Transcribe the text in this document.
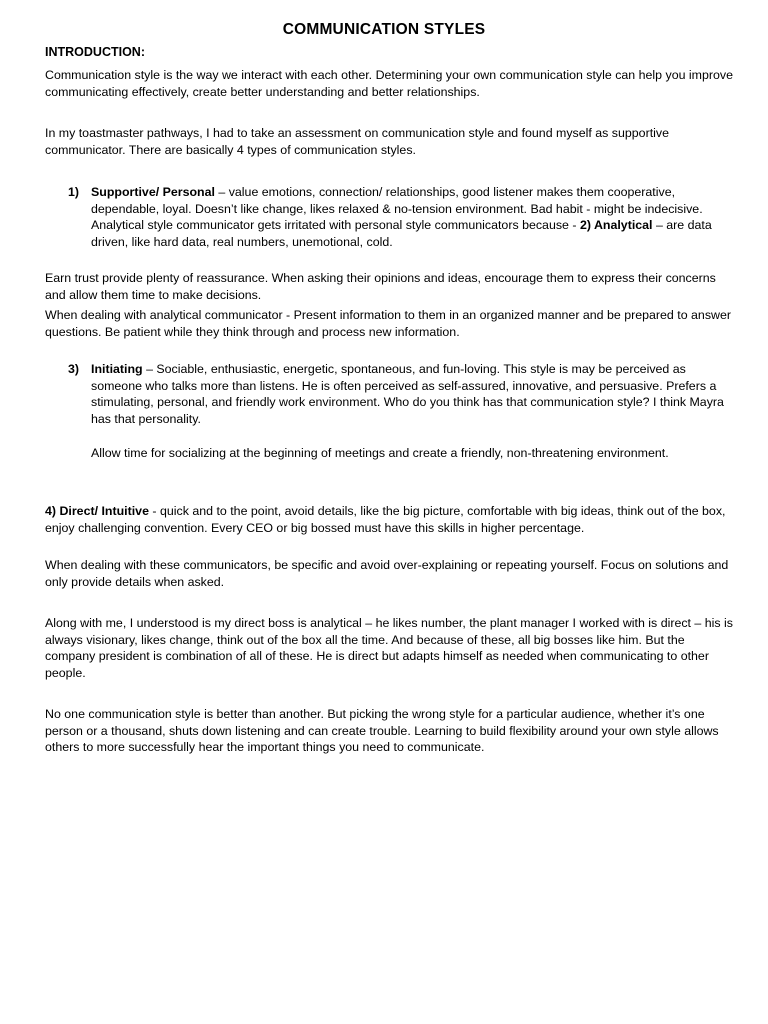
COMMUNICATION STYLES
INTRODUCTION:
Communication style is the way we interact with each other. Determining your own communication style can help you improve communicating effectively, create better understanding and better relationships.
In my toastmaster pathways, I had to take an assessment on communication style and found myself as supportive communicator. There are basically 4 types of communication styles.
1) Supportive/ Personal – value emotions, connection/ relationships, good listener makes them cooperative, dependable, loyal. Doesn’t like change, likes relaxed & no-tension environment. Bad habit - might be indecisive. Analytical style communicator gets irritated with personal style communicators because - 2) Analytical – are data driven, like hard data, real numbers, unemotional, cold.
Earn trust provide plenty of reassurance. When asking their opinions and ideas, encourage them to express their concerns and allow them time to make decisions.
When dealing with analytical communicator - Present information to them in an organized manner and be prepared to answer questions. Be patient while they think through and process new information.
3) Initiating – Sociable, enthusiastic, energetic, spontaneous, and fun-loving. This style is may be perceived as someone who talks more than listens. He is often perceived as self-assured, innovative, and persuasive. Prefers a stimulating, personal, and friendly work environment. Who do you think has that communication style? I think Mayra has that personality.
Allow time for socializing at the beginning of meetings and create a friendly, non-threatening environment.
4) Direct/ Intuitive - quick and to the point, avoid details, like the big picture, comfortable with big ideas, think out of the box, enjoy challenging convention. Every CEO or big bossed must have this skills in higher percentage.
When dealing with these communicators, be specific and avoid over-explaining or repeating yourself. Focus on solutions and only provide details when asked.
Along with me, I understood is my direct boss is analytical – he likes number, the plant manager I worked with is direct – his is always visionary, likes change, think out of the box all the time. And because of these, all big bosses like him. But the company president is combination of all of these. He is direct but adapts himself as needed when communicating to other people.
No one communication style is better than another. But picking the wrong style for a particular audience, whether it’s one person or a thousand, shuts down listening and can create trouble. Learning to build flexibility around your own style allows others to more successfully hear the important things you need to communicate.
